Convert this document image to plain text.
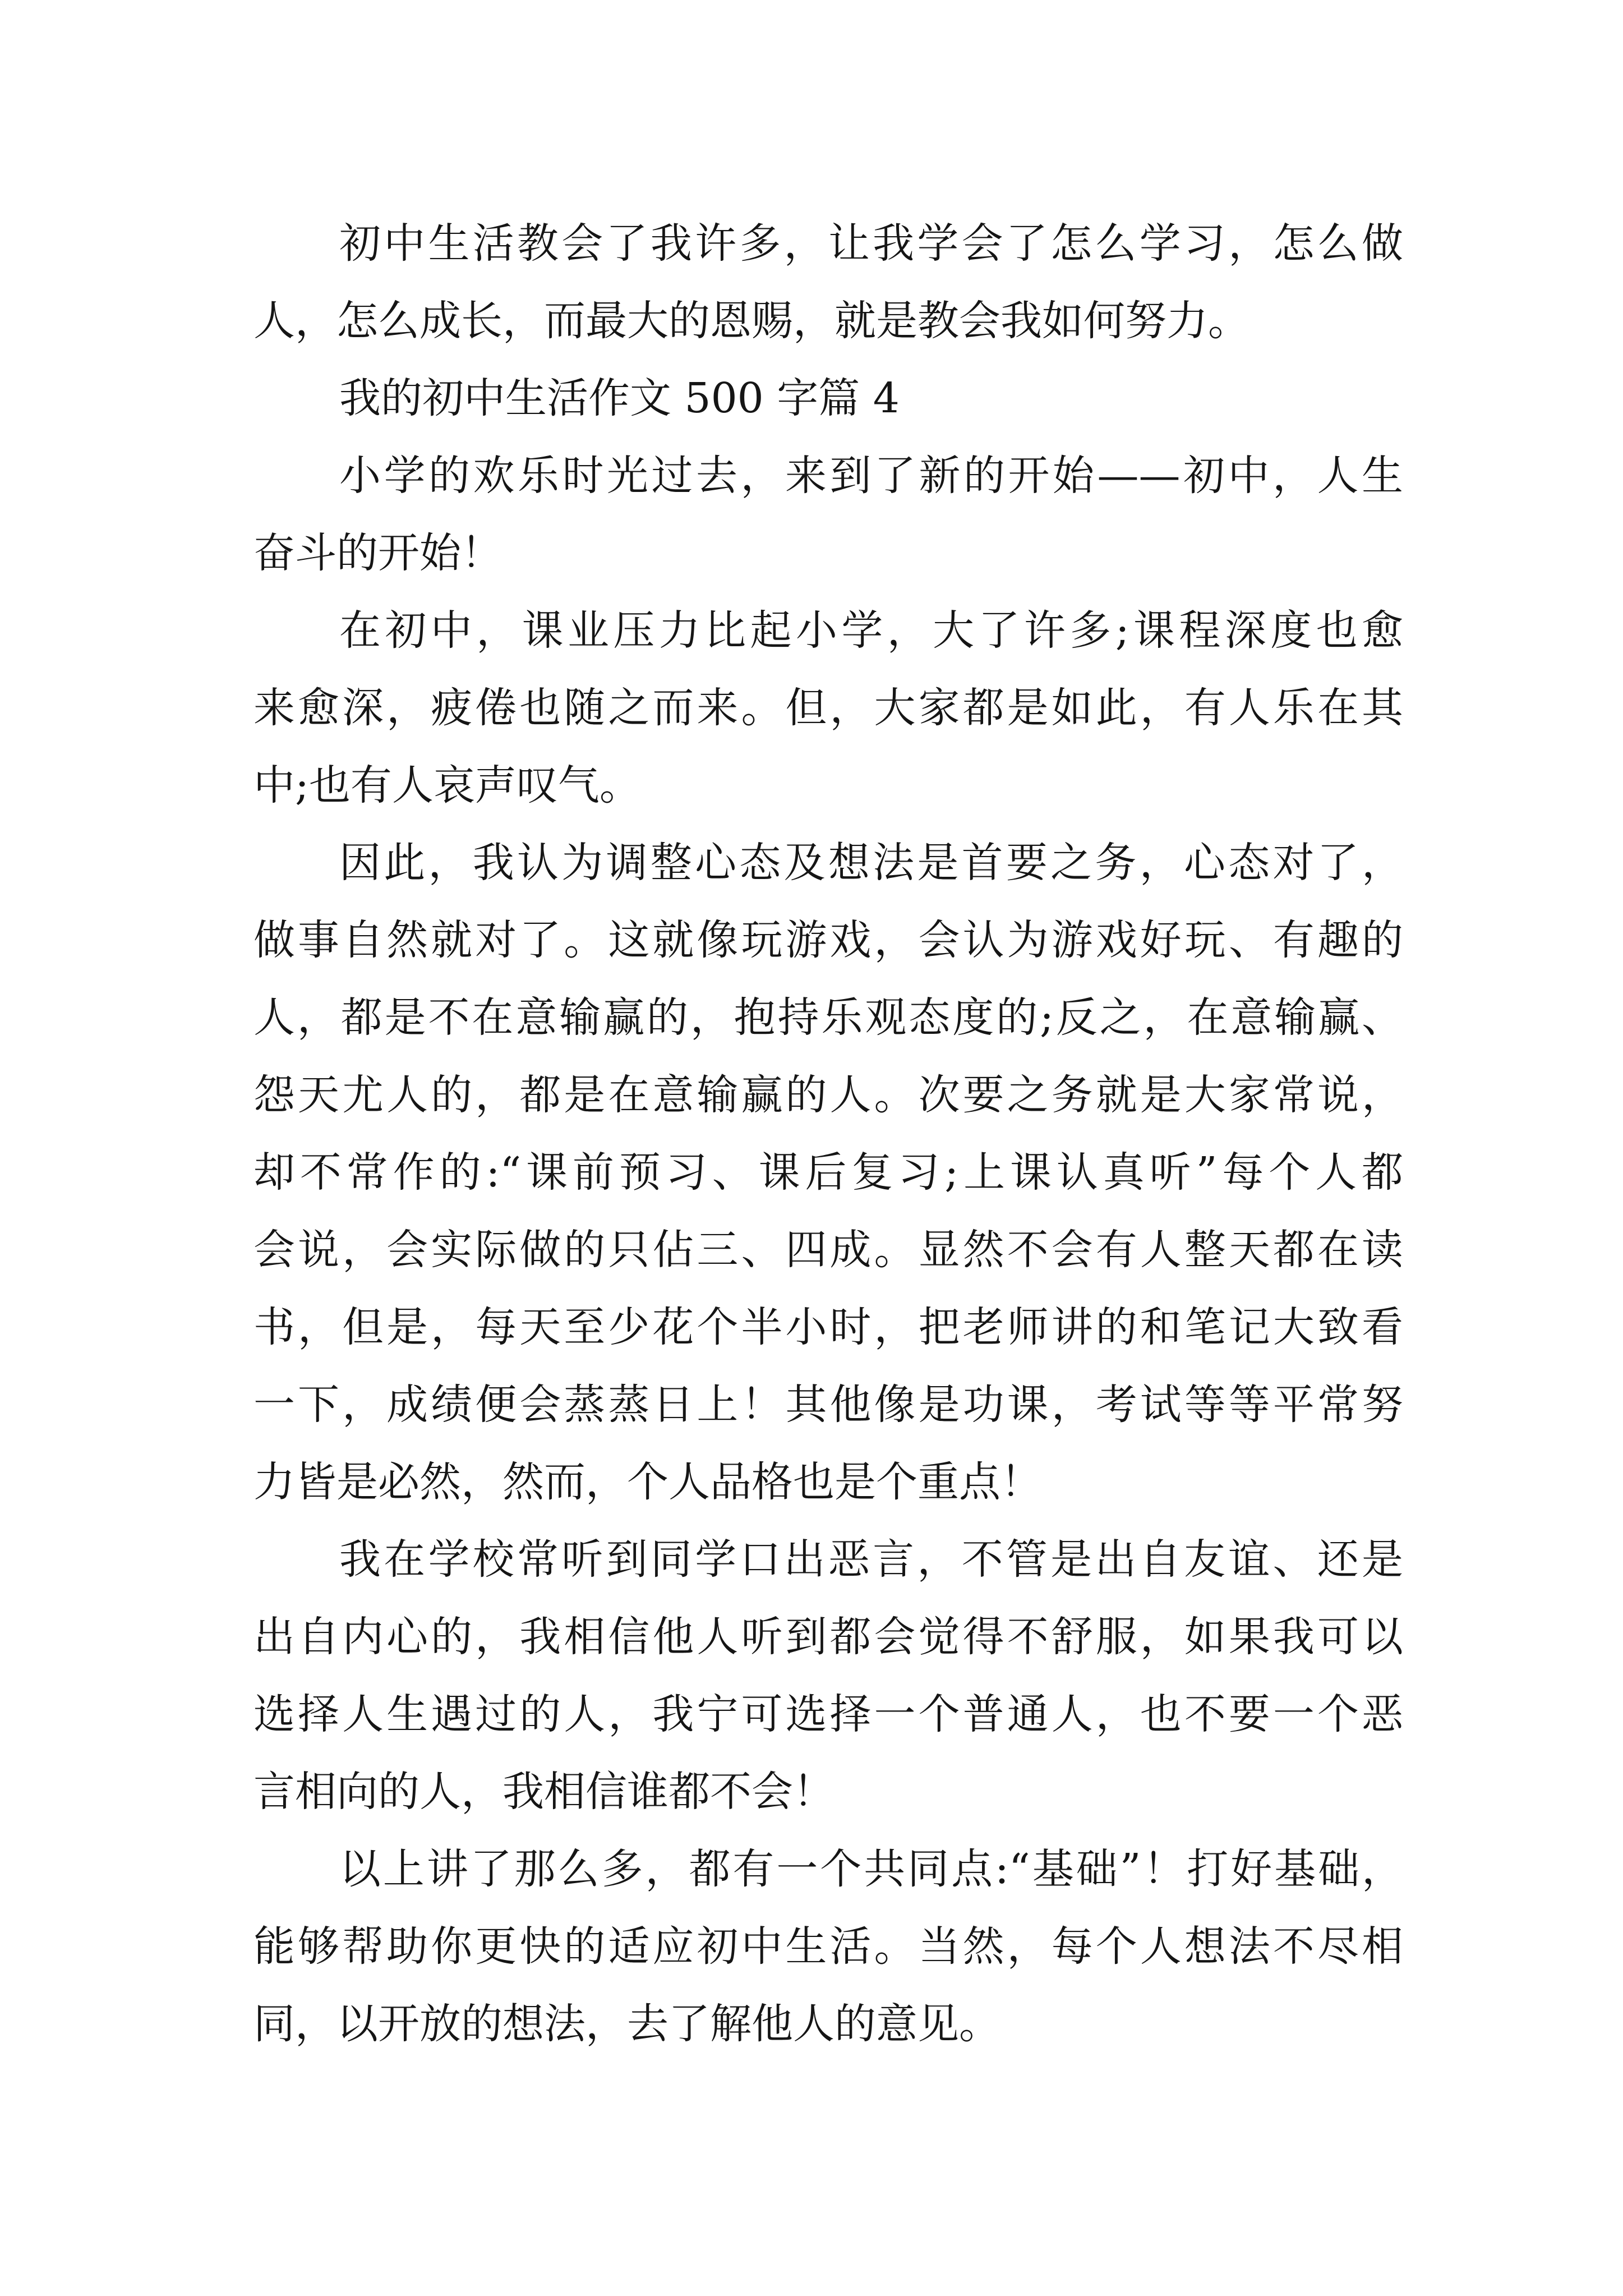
初中生活教会了我许多，让我学会了怎么学习，怎么做
人，怎么成长，而最大的恩赐，就是教会我如何努力。
我的初中生活作文 500 字篇 4
小学的欢乐时光过去，来到了新的开始——初中，人生
奋斗的开始！
在初中，课业压力比起小学，大了许多;课程深度也愈
来愈深，疲倦也随之而来。但，大家都是如此，有人乐在其
中;也有人哀声叹气。
因此，我认为调整心态及想法是首要之务，心态对了，
做事自然就对了。这就像玩游戏，会认为游戏好玩、有趣的
人，都是不在意输赢的，抱持乐观态度的;反之，在意输赢、
怨天尤人的，都是在意输赢的人。次要之务就是大家常说，
却不常作的:“课前预习、课后复习;上课认真听”每个人都
会说，会实际做的只佔三、四成。显然不会有人整天都在读
书，但是，每天至少花个半小时，把老师讲的和笔记大致看
一下，成绩便会蒸蒸日上！其他像是功课，考试等等平常努
力皆是必然，然而，个人品格也是个重点！
我在学校常听到同学口出恶言，不管是出自友谊、还是
出自内心的，我相信他人听到都会觉得不舒服，如果我可以
选择人生遇过的人，我宁可选择一个普通人，也不要一个恶
言相向的人，我相信谁都不会！
以上讲了那么多，都有一个共同点:“基础”！打好基础，
能够帮助你更快的适应初中生活。当然，每个人想法不尽相
同，以开放的想法，去了解他人的意见。
